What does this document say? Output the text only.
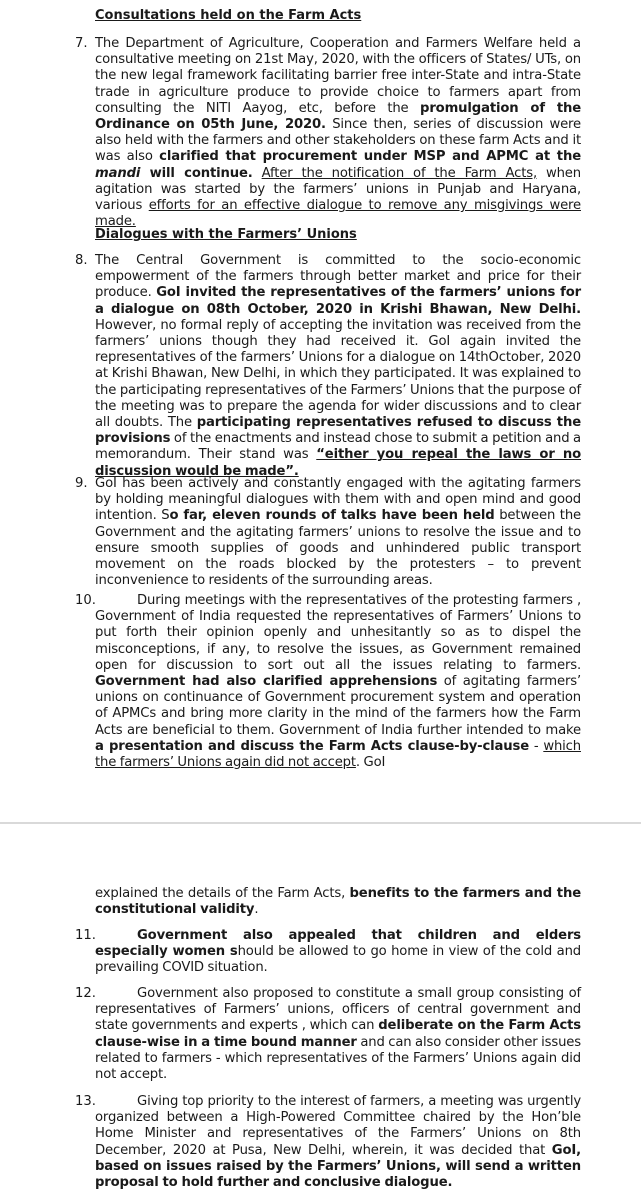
Consultations held on the Farm Acts
7. The Department of Agriculture, Cooperation and Farmers Welfare held a consultative meeting on 21st May, 2020, with the officers of States/ UTs, on the new legal framework facilitating barrier free inter-State and intra-State trade in agriculture produce to provide choice to farmers apart from consulting the NITI Aayog, etc, before the promulgation of the Ordinance on 05th June, 2020. Since then, series of discussion were also held with the farmers and other stakeholders on these farm Acts and it was also clarified that procurement under MSP and APMC at the mandi will continue. After the notification of the Farm Acts, when agitation was started by the farmers’ unions in Punjab and Haryana, various efforts for an effective dialogue to remove any misgivings were made.
Dialogues with the Farmers’ Unions
8. The Central Government is committed to the socio-economic empowerment of the farmers through better market and price for their produce. GoI invited the representatives of the farmers’ unions for a dialogue on 08th October, 2020 in Krishi Bhawan, New Delhi. However, no formal reply of accepting the invitation was received from the farmers’ unions though they had received it. GoI again invited the representatives of the farmers’ Unions for a dialogue on 14thOctober, 2020 at Krishi Bhawan, New Delhi, in which they participated. It was explained to the participating representatives of the Farmers’ Unions that the purpose of the meeting was to prepare the agenda for wider discussions and to clear all doubts. The participating representatives refused to discuss the provisions of the enactments and instead chose to submit a petition and a memorandum. Their stand was “either you repeal the laws or no discussion would be made”.
9. GoI has been actively and constantly engaged with the agitating farmers by holding meaningful dialogues with them with and open mind and good intention. So far, eleven rounds of talks have been held between the Government and the agitating farmers’ unions to resolve the issue and to ensure smooth supplies of goods and unhindered public transport movement on the roads blocked by the protesters – to prevent inconvenience to residents of the surrounding areas.
10.	During meetings with the representatives of the protesting farmers , Government of India requested the representatives of Farmers’ Unions to put forth their opinion openly and unhesitantly so as to dispel the misconceptions, if any, to resolve the issues, as Government remained open for discussion to sort out all the issues relating to farmers. Government had also clarified apprehensions of agitating farmers’ unions on continuance of Government procurement system and operation of APMCs and bring more clarity in the mind of the farmers how the Farm Acts are beneficial to them. Government of India further intended to make a presentation and discuss the Farm Acts clause-by-clause - which the farmers’ Unions again did not accept. GoI
explained the details of the Farm Acts, benefits to the farmers and the constitutional validity.
11.	Government also appealed that children and elders especially women should be allowed to go home in view of the cold and prevailing COVID situation.
12.	Government also proposed to constitute a small group consisting of representatives of Farmers’ unions, officers of central government and state governments and experts , which can deliberate on the Farm Acts clause-wise in a time bound manner and can also consider other issues related to farmers - which representatives of the Farmers’ Unions again did not accept.
13.	Giving top priority to the interest of farmers, a meeting was urgently organized between a High-Powered Committee chaired by the Hon’ble Home Minister and representatives of the Farmers’ Unions on 8th December, 2020 at Pusa, New Delhi, wherein, it was decided that GoI, based on issues raised by the Farmers’ Unions, will send a written proposal to hold further and conclusive dialogue.
